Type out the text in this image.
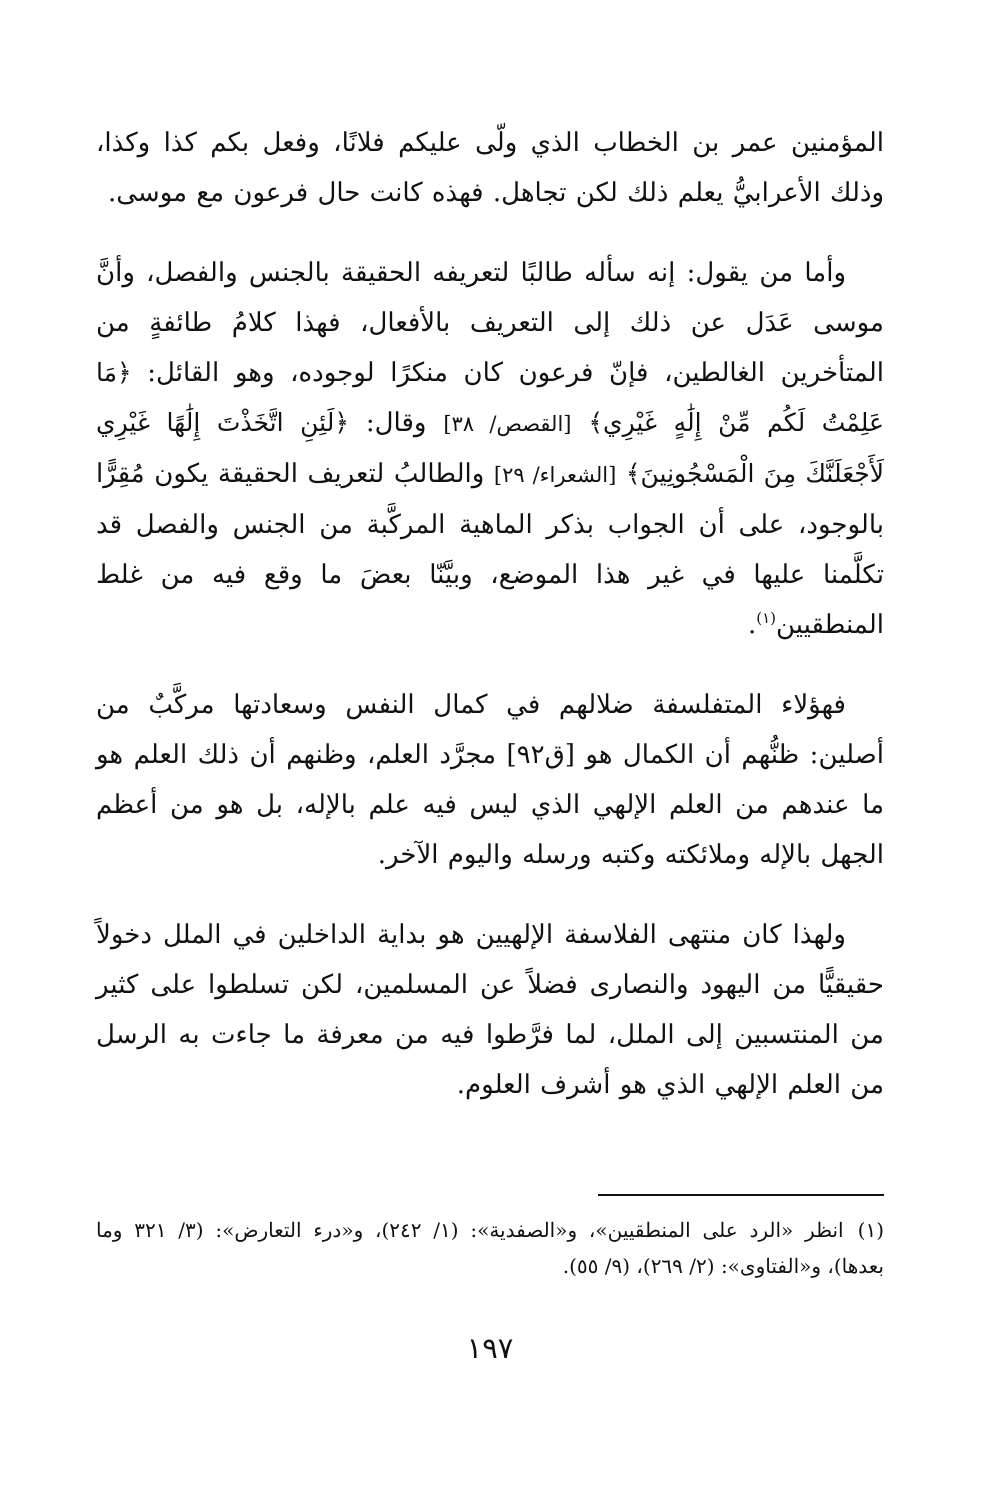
المؤمنين عمر بن الخطاب الذي ولّى عليكم فلانًا، وفعل بكم كذا وكذا، وذلك الأعرابيُّ يعلم ذلك لكن تجاهل. فهذه كانت حال فرعون مع موسى.

وأما من يقول: إنه سأله طالبًا لتعريفه الحقيقة بالجنس والفصل، وأنَّ موسى عَدَل عن ذلك إلى التعريف بالأفعال، فهذا كلامُ طائفةٍ من المتأخرين الغالطين، فإنّ فرعون كان منكرًا لوجوده، وهو القائل: ﴿مَا عَلِمْتُ لَكُم مِّنْ إِلَٰهٍ غَيْرِي﴾ [القصص/ ٣٨] وقال: ﴿لَئِنِ اتَّخَذْتَ إِلَٰهًا غَيْرِي لَأَجْعَلَنَّكَ مِنَ الْمَسْجُونِينَ﴾ [الشعراء/ ٢٩] والطالبُ لتعريف الحقيقة يكون مُقِرًّا بالوجود، على أن الجواب بذكر الماهية المركَّبة من الجنس والفصل قد تكلَّمنا عليها في غير هذا الموضع، وبيَّنّا بعضَ ما وقع فيه من غلط المنطقيين$^{(١)}$.

فهؤلاء المتفلسفة ضلالهم في كمال النفس وسعادتها مركَّبٌ من أصلين: ظنُّهم أن الكمال هو [ق٩٢] مجرَّد العلم، وظنهم أن ذلك العلم هو ما عندهم من العلم الإلهي الذي ليس فيه علم بالإله، بل هو من أعظم الجهل بالإله وملائكته وكتبه ورسله واليوم الآخر.

ولهذا كان منتهى الفلاسفة الإلهيين هو بداية الداخلين في الملل دخولاً حقيقيًّا من اليهود والنصارى فضلاً عن المسلمين، لكن تسلطوا على كثير من المنتسبين إلى الملل، لما فرَّطوا فيه من معرفة ما جاءت به الرسل من العلم الإلهي الذي هو أشرف العلوم.

(١)انظر «الرد على المنطقيين»، و«الصفدية»: (١/ ٢٤٢)، و«درء التعارض»: (٣/ ٣٢١ وما بعدها)، و«الفتاوى»: (٢/ ٢٦٩)، (٩/ ٥٥).

١٩٧
